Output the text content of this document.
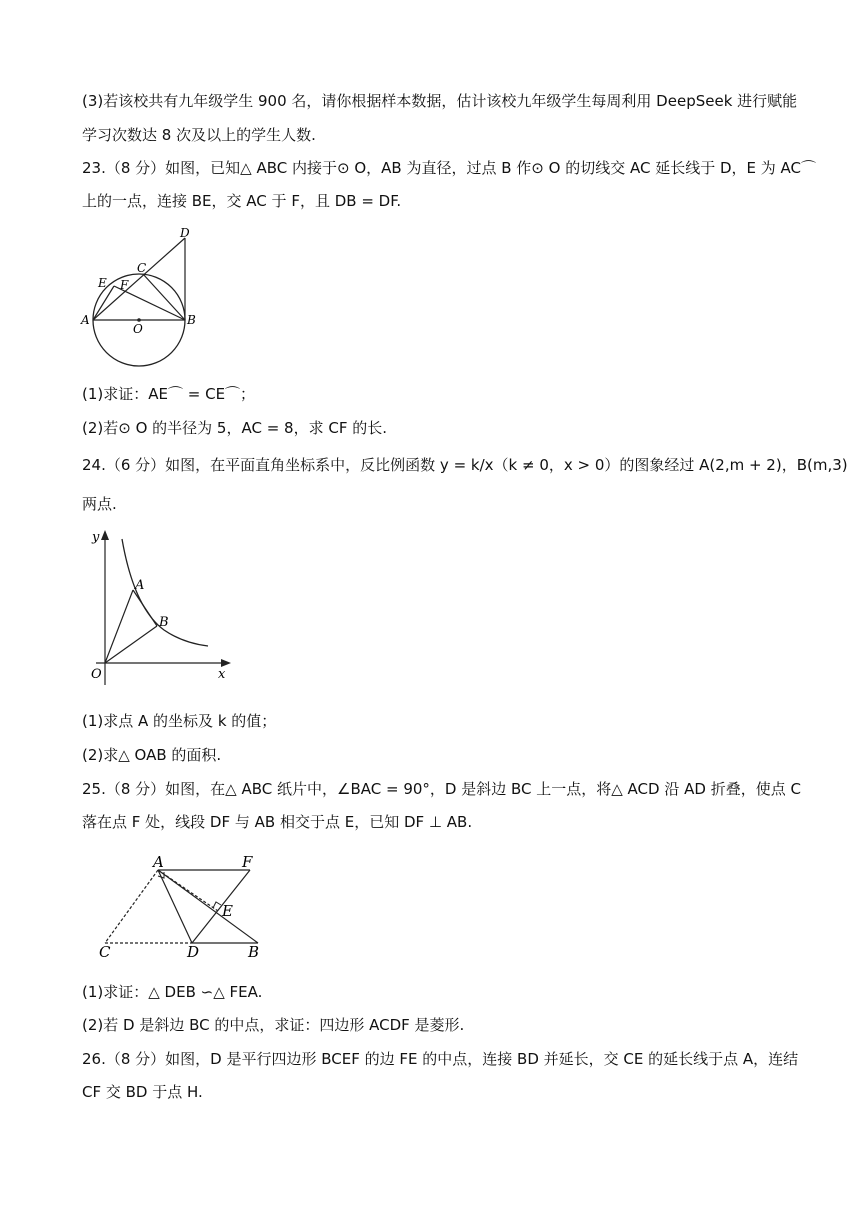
(3)若该校共有九年级学生 900 名，请你根据样本数据，估计该校九年级学生每周利用 DeepSeek 进行赋能
学习次数达 8 次及以上的学生人数.
23.（8 分）如图，已知△ ABC 内接于⊙ O，AB 为直径，过点 B 作⊙ O 的切线交 AC 延长线于 D，E 为 AC⌒
上的一点，连接 BE，交 AC 于 F，且 DB = DF.
D
C
E F
A
O
B
(1)求证：AE⌒ = CE⌒；
(2)若⊙ O 的半径为 5，AC = 8，求 CF 的长.
24.（6 分）如图，在平面直角坐标系中，反比例函数 y = k/x（k ≠ 0，x > 0）的图象经过 A(2,m + 2)，B(m,3)
两点.
y
A
B
O	x
(1)求点 A 的坐标及 k 的值；
(2)求△ OAB 的面积.
25.（8 分）如图，在△ ABC 纸片中，∠BAC = 90°，D 是斜边 BC 上一点，将△ ACD 沿 AD 折叠，使点 C
落在点 F 处，线段 DF 与 AB 相交于点 E，已知 DF ⊥ AB.
A	F
E
C	D	B
(1)求证：△ DEB ∽△ FEA.
(2)若 D 是斜边 BC 的中点，求证：四边形 ACDF 是菱形.
26.（8 分）如图，D 是平行四边形 BCEF 的边 FE 的中点，连接 BD 并延长，交 CE 的延长线于点 A，连结
CF 交 BD 于点 H.
